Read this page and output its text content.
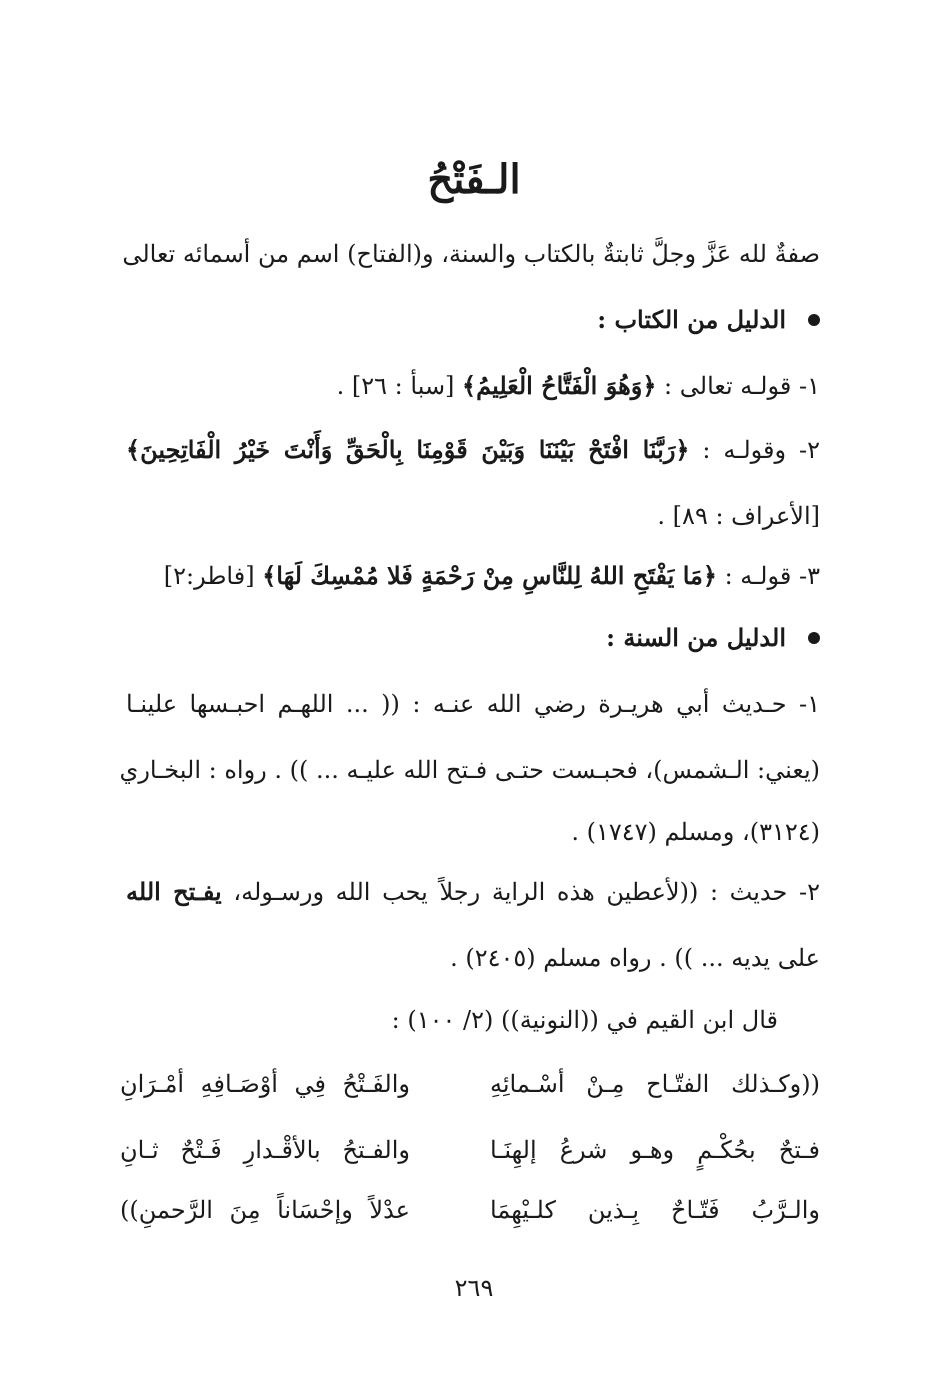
الـفَتْحُ
صفةٌ لله عَزَّ وجلَّ ثابتةٌ بالكتاب والسنة، و(الفتاح) اسم من أسمائه تعالى
الدليل من الكتاب :
١- قولـه تعالى : ﴿وَهُوَ الْفَتَّاحُ الْعَلِيمُ﴾ [سبأ : ٢٦] .
٢- وقولـه : ﴿رَبَّنَا افْتَحْ بَيْنَنَا وَبَيْنَ قَوْمِنَا بِالْحَقِّ وَأَنْتَ خَيْرُ الْفَاتِحِينَ﴾
[الأعراف : ٨٩] .
٣- قولـه : ﴿مَا يَفْتَحِ اللهُ لِلنَّاسِ مِنْ رَحْمَةٍ فَلا مُمْسِكَ لَهَا﴾ [فاطر:٢]
الدليل من السنة :
١- حـديث أبي هريـرة رضي الله عنـه : (( ... اللهـم احبـسها علينـا
(يعني: الـشمس)، فحبـست حتـى فـتح الله عليـه ... )) . رواه : البخـاري
(٣١٢٤)، ومسلم (١٧٤٧) .
٢- حديث : ((لأعطين هذه الراية رجلاً يحب الله ورسـوله، يفـتح الله
على يديه ... )) . رواه مسلم (٢٤٠٥) .
قال ابن القيم في ((النونية)) (٢/ ١٠٠) :
((وكـذلك الفتّـاح مِـنْ أسْـمائِهِ
والفَـتْحُ فِي أوْصَـافِهِ أمْـرَانِ
فـتحٌ بحُكْـمٍ وهـو شرعُ إلهِنَـا
والفـتحُ بالأقْـدارِ فَـتْحٌ ثـانِ
والـرَّبُ فَتّـاحٌ بِـذين كلـيْهِمَا
عدْلاً وإحْسَاناً مِنَ الرَّحمنِ))
٢٦٩
